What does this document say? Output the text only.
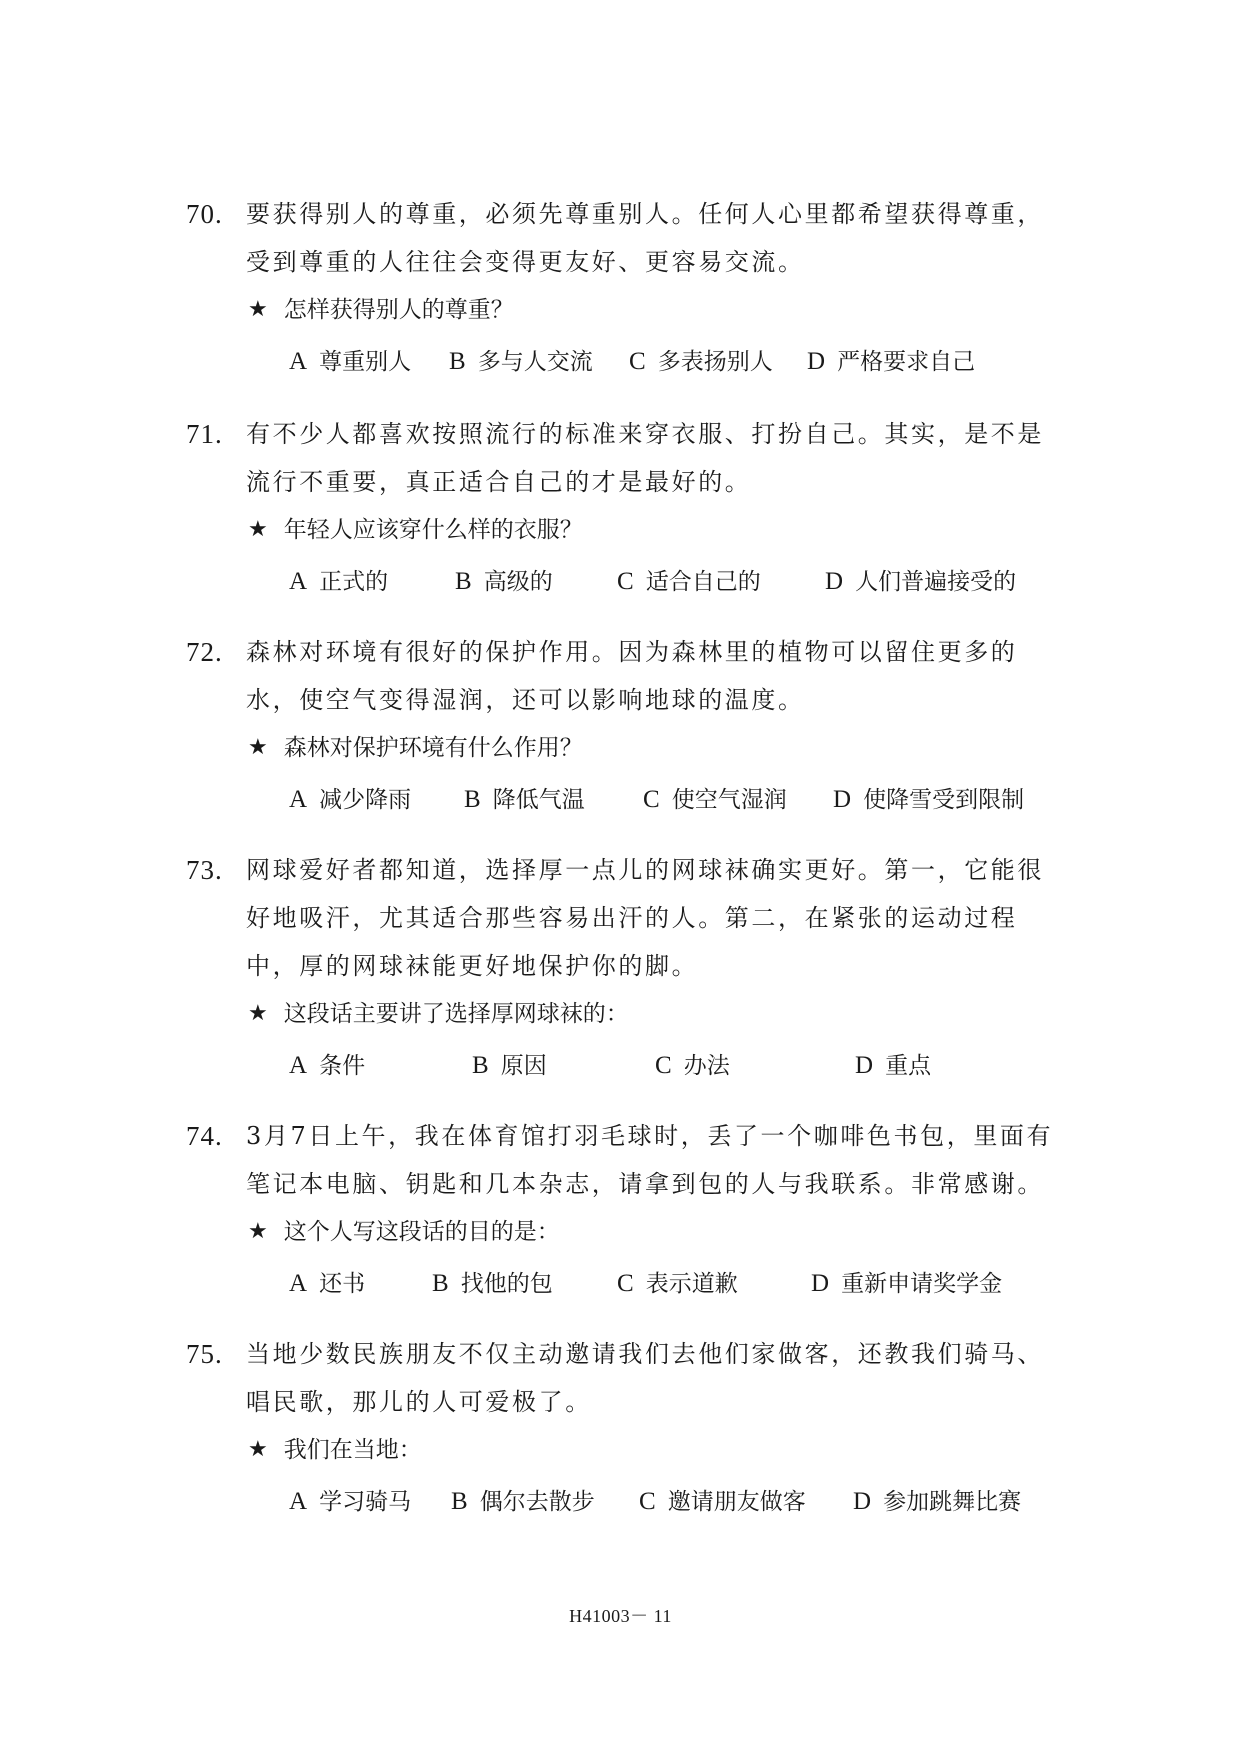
70. 要获得别人的尊重，必须先尊重别人。任何人心里都希望获得尊重，受到尊重的人往往会变得更友好、更容易交流。
★ 怎样获得别人的尊重？
A 尊重别人 B 多与人交流 C 多表扬别人 D 严格要求自己
71. 有不少人都喜欢按照流行的标准来穿衣服、打扮自己。其实，是不是流行不重要，真正适合自己的才是最好的。
★ 年轻人应该穿什么样的衣服？
A 正式的	B 高级的	C 适合自己的	D 人们普遍接受的
72. 森林对环境有很好的保护作用。因为森林里的植物可以留住更多的水，使空气变得湿润，还可以影响地球的温度。
★ 森林对保护环境有什么作用？
A 减少降雨 B 降低气温 C 使空气湿润 D 使降雪受到限制
73. 网球爱好者都知道，选择厚一点儿的网球袜确实更好。第一，它能很好地吸汗，尤其适合那些容易出汗的人。第二，在紧张的运动过程中，厚的网球袜能更好地保护你的脚。
★ 这段话主要讲了选择厚网球袜的：
A 条件	B 原因	C 办法	D 重点
74. 3月7日上午，我在体育馆打羽毛球时，丢了一个咖啡色书包，里面有笔记本电脑、钥匙和几本杂志，请拿到包的人与我联系。非常感谢。
★ 这个人写这段话的目的是：
A 还书	B 找他的包	C 表示道歉	D 重新申请奖学金
75. 当地少数民族朋友不仅主动邀请我们去他们家做客，还教我们骑马、唱民歌，那儿的人可爱极了。
★ 我们在当地：
A 学习骑马 B 偶尔去散步 C 邀请朋友做客 D 参加跳舞比赛
H41003－ 11
